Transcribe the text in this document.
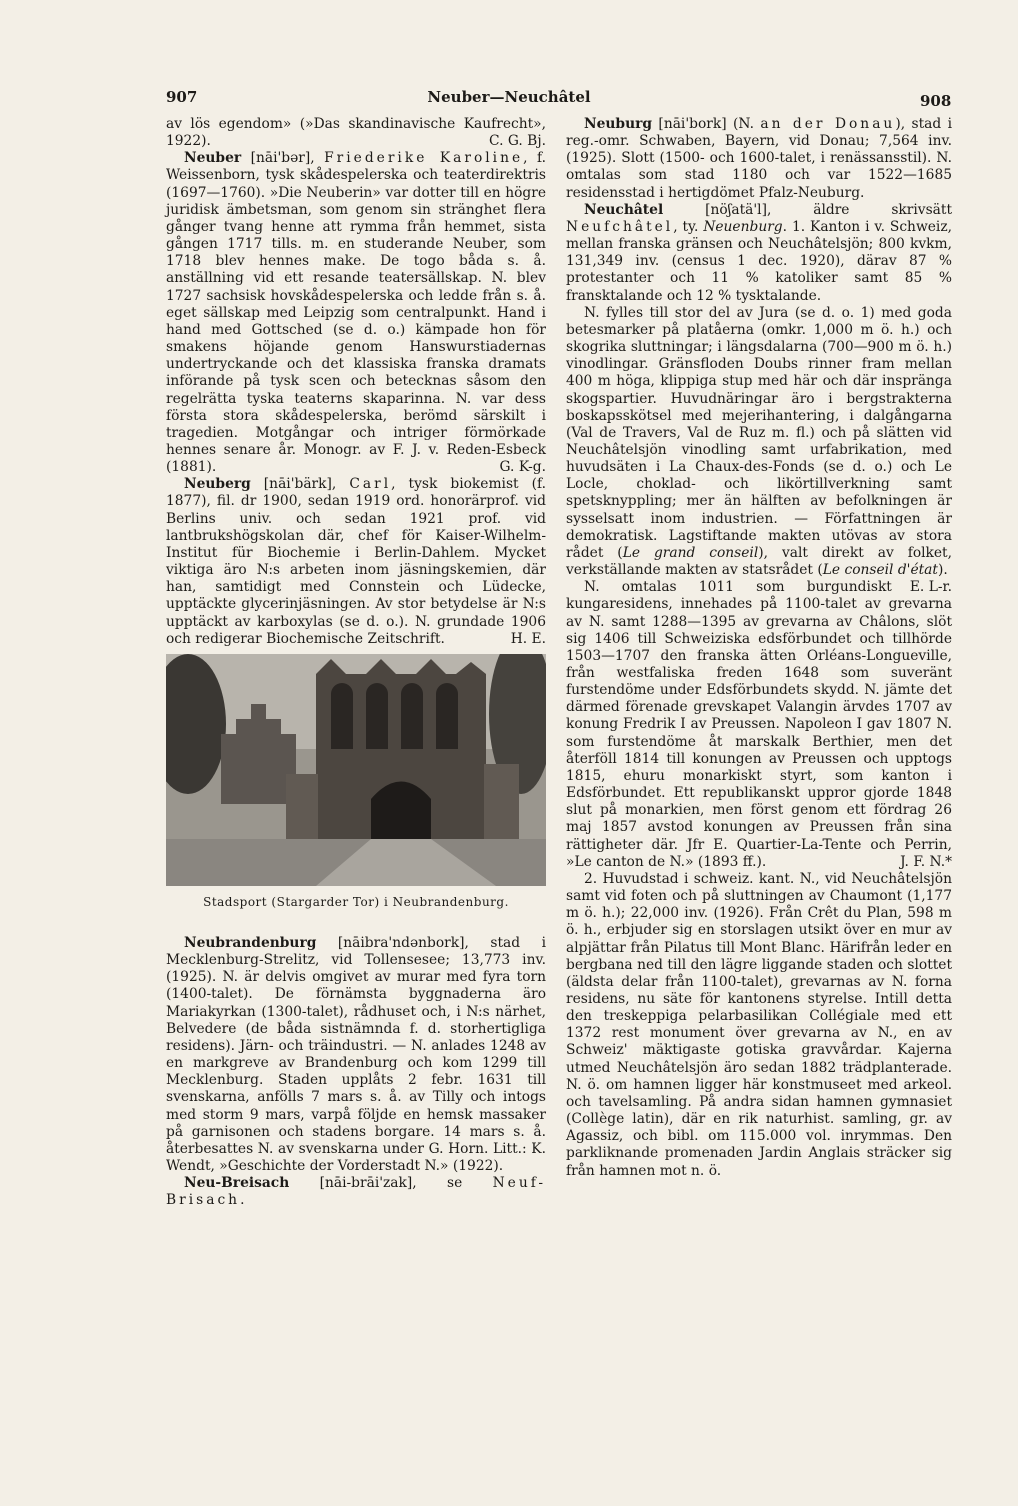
907	Neuber—Neuchâtel	908

av lös egendom» (»Das skandinavische Kaufrecht», 1922).	C. G. Bj.

Neuber [nāi'bər], Friederike Karoline, f. Weissenborn, tysk skådespelerska och teaterdirektris (1697—1760). »Die Neuberin» var dotter till en högre juridisk ämbetsman, som genom sin stränghet flera gånger tvang henne att rymma från hemmet, sista gången 1717 tills. m. en studerande Neuber, som 1718 blev hennes make. De togo båda s. å. anställning vid ett resande teatersällskap. N. blev 1727 sachsisk hovskådespelerska och ledde från s. å. eget sällskap med Leipzig som centralpunkt. Hand i hand med Gottsched (se d. o.) kämpade hon för smakens höjande genom Hanswurstiadernas undertryckande och det klassiska franska dramats införande på tysk scen och betecknas såsom den regelrätta tyska teaterns skaparinna. N. var dess första stora skådespelerska, berömd särskilt i tragedien. Motgångar och intriger förmörkade hennes senare år. Monogr. av F. J. v. Reden-Esbeck (1881).	G. K-g.

Neuberg [nāi'bärk], Carl, tysk biokemist (f. 1877), fil. dr 1900, sedan 1919 ord. honorärprof. vid Berlins univ. och sedan 1921 prof. vid lantbrukshögskolan där, chef för Kaiser-Wilhelm-Institut für Biochemie i Berlin-Dahlem. Mycket viktiga äro N:s arbeten inom jäsningskemien, där han, samtidigt med Connstein och Lüdecke, upptäckte glycerinjäsningen. Av stor betydelse är N:s upptäckt av karboxylas (se d. o.). N. grundade 1906 och redigerar Biochemische Zeitschrift.	H. E.

Stadsport (Stargarder Tor) i Neubrandenburg.

Neubrandenburg [nāibra'ndənbork], stad i Mecklenburg-Strelitz, vid Tollensesee; 13,773 inv. (1925). N. är delvis omgivet av murar med fyra torn (1400-talet). De förnämsta byggnaderna äro Mariakyrkan (1300-talet), rådhuset och, i N:s närhet, Belvedere (de båda sistnämnda f. d. storhertigliga residens). Järn- och träindustri. — N. anlades 1248 av en markgreve av Brandenburg och kom 1299 till Mecklenburg. Staden upplåts 2 febr. 1631 till svenskarna, anfölls 7 mars s. å. av Tilly och intogs med storm 9 mars, varpå följde en hemsk massaker på garnisonen och stadens borgare. 14 mars s. å. återbesattes N. av svenskarna under G. Horn. Litt.: K. Wendt, »Geschichte der Vorderstadt N.» (1922).

Neu-Breisach [nāi-brāi'zak], se Neuf-Brisach.

Neuburg [nāi'bork] (N. an der Donau), stad i reg.-omr. Schwaben, Bayern, vid Donau; 7,564 inv. (1925). Slott (1500- och 1600-talet, i renässansstil). N. omtalas som stad 1180 och var 1522—1685 residensstad i hertigdömet Pfalz-Neuburg.

Neuchâtel [nöʃatä'l], äldre skrivsätt Neufchâtel, ty. Neuenburg. 1. Kanton i v. Schweiz, mellan franska gränsen och Neuchâtelsjön; 800 kvkm, 131,349 inv. (census 1 dec. 1920), därav 87 % protestanter och 11 % katoliker samt 85 % fransktalande och 12 % tysktalande.

N. fylles till stor del av Jura (se d. o. 1) med goda betesmarker på platåerna (omkr. 1,000 m ö. h.) och skogrika sluttningar; i längsdalarna (700—900 m ö. h.) vinodlingar. Gränsfloden Doubs rinner fram mellan 400 m höga, klippiga stup med här och där inspränga skogspartier. Huvudnäringar äro i bergstrakterna boskapsskötsel med mejerihantering, i dalgångarna (Val de Travers, Val de Ruz m. fl.) och på slätten vid Neuchâtelsjön vinodling samt urfabrikation, med huvudsäten i La Chaux-des-Fonds (se d. o.) och Le Locle, choklad- och likörtillverkning samt spetsknyppling; mer än hälften av befolkningen är sysselsatt inom industrien. — Författningen är demokratisk. Lagstiftande makten utövas av stora rådet (Le grand conseil), valt direkt av folket, verkställande makten av statsrådet (Le conseil d'état).
E. L-r.

N. omtalas 1011 som burgundiskt kungaresidens, innehades på 1100-talet av grevarna av N. samt 1288—1395 av grevarna av Châlons, slöt sig 1406 till Schweiziska edsförbundet och tillhörde 1503—1707 den franska ätten Orléans-Longueville, från westfaliska freden 1648 som suveränt furstendöme under Edsförbundets skydd. N. jämte det därmed förenade grevskapet Valangin ärvdes 1707 av konung Fredrik I av Preussen. Napoleon I gav 1807 N. som furstendöme åt marskalk Berthier, men det återföll 1814 till konungen av Preussen och upptogs 1815, ehuru monarkiskt styrt, som kanton i Edsförbundet. Ett republikanskt uppror gjorde 1848 slut på monarkien, men först genom ett fördrag 26 maj 1857 avstod konungen av Preussen från sina rättigheter där. Jfr E. Quartier-La-Tente och Perrin, »Le canton de N.» (1893 ff.).	J. F. N.*

2. Huvudstad i schweiz. kant. N., vid Neuchâtelsjön samt vid foten och på sluttningen av Chaumont (1,177 m ö. h.); 22,000 inv. (1926). Från Crêt du Plan, 598 m ö. h., erbjuder sig en storslagen utsikt över en mur av alpjättar från Pilatus till Mont Blanc. Härifrån leder en bergbana ned till den lägre liggande staden och slottet (äldsta delar från 1100-talet), grevarnas av N. forna residens, nu säte för kantonens styrelse. Intill detta den treskeppiga pelarbasilikan Collégiale med ett 1372 rest monument över grevarna av N., en av Schweiz' mäktigaste gotiska gravvårdar. Kajerna utmed Neuchâtelsjön äro sedan 1882 trädplanterade. N. ö. om hamnen ligger här konstmuseet med arkeol. och tavelsamling. På andra sidan hamnen gymnasiet (Collège latin), där en rik naturhist. samling, gr. av Agassiz, och bibl. om 115.000 vol. inrymmas. Den parkliknande promenaden Jardin Anglais sträcker sig från hamnen mot n. ö.
